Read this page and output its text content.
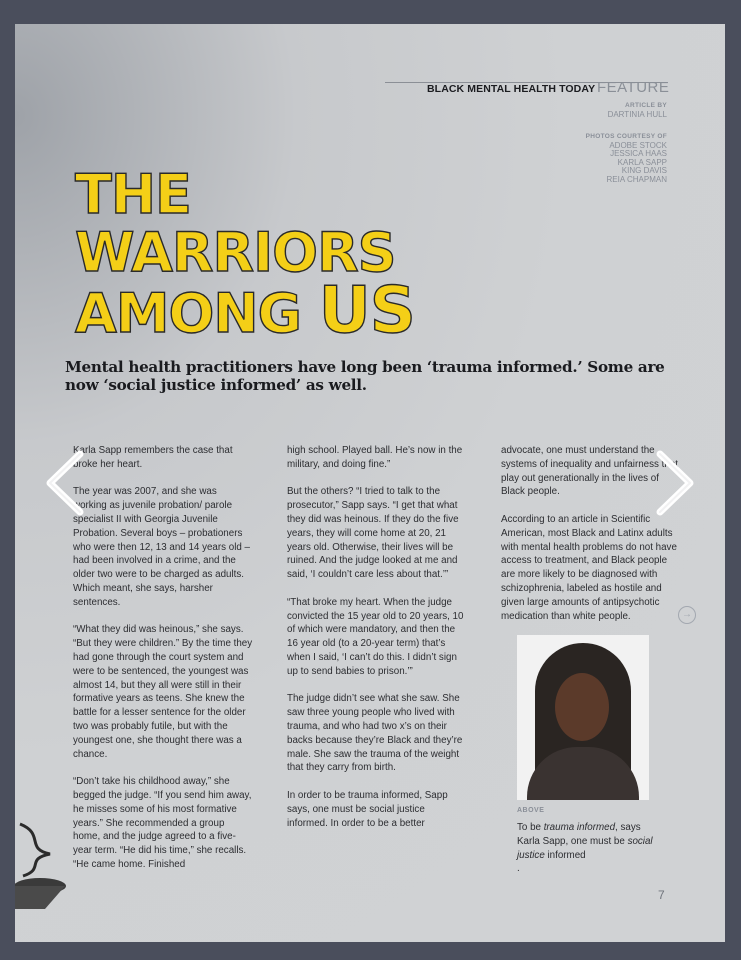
BLACK MENTAL HEALTH TODAY FEATURE
ARTICLE BY
DARTINIA HULL
PHOTOS COURTESY OF
ADOBE STOCK
JESSICA HAAS
KARLA SAPP
KING DAVIS
REIA CHAPMAN
THE
WARRIORS
AMONG US
Mental health practitioners have long been ‘trauma informed.’ Some are now ‘social justice informed’ as well.

Karla Sapp remembers the case that broke her heart.

The year was 2007, and she was working as juvenile probation/ parole specialist II with Georgia Juvenile Probation. Several boys – probationers who were then 12, 13 and 14 years old – had been involved in a crime, and the older two were to be charged as adults. Which meant, she says, harsher sentences.

“What they did was heinous,” she says. “But they were children.” By the time they had gone through the court system and were to be sentenced, the youngest was almost 14, but they all were still in their formative years as teens. She knew the battle for a lesser sentence for the older two was probably futile, but with the youngest one, she thought there was a chance.

“Don’t take his childhood away,” she begged the judge. “If you send him away, he misses some of his most formative years.” She recommended a group home, and the judge agreed to a five-year term. “He did his time,” she recalls. “He came home. Finished

high school. Played ball. He’s now in the military, and doing fine.”

But the others? “I tried to talk to the prosecutor,” Sapp says. “I get that what they did was heinous. If they do the five years, they will come home at 20, 21 years old. Otherwise, their lives will be ruined. And the judge looked at me and said, ‘I couldn’t care less about that.’”

“That broke my heart. When the judge convicted the 15 year old to 20 years, 10 of which were mandatory, and then the 16 year old (to a 20-year term) that’s when I said, ‘I can’t do this. I didn’t sign up to send babies to prison.’”

The judge didn’t see what she saw. She saw three young people who lived with trauma, and who had two x’s on their backs because they’re Black and they’re male. She saw the trauma of the weight that they carry from birth.

In order to be trauma informed, Sapp says, one must be social justice informed. In order to be a better

advocate, one must understand the systems of inequality and unfairness that play out generationally in the lives of Black people.

According to an article in Scientific American, most Black and Latinx adults with mental health problems do not have access to treatment, and Black people are more likely to be diagnosed with schizophrenia, labeled as hostile and given large amounts of antipsychotic medication than white people.

ABOVE
To be trauma informed, says Karla Sapp, one must be social justice informed
.
→
7
